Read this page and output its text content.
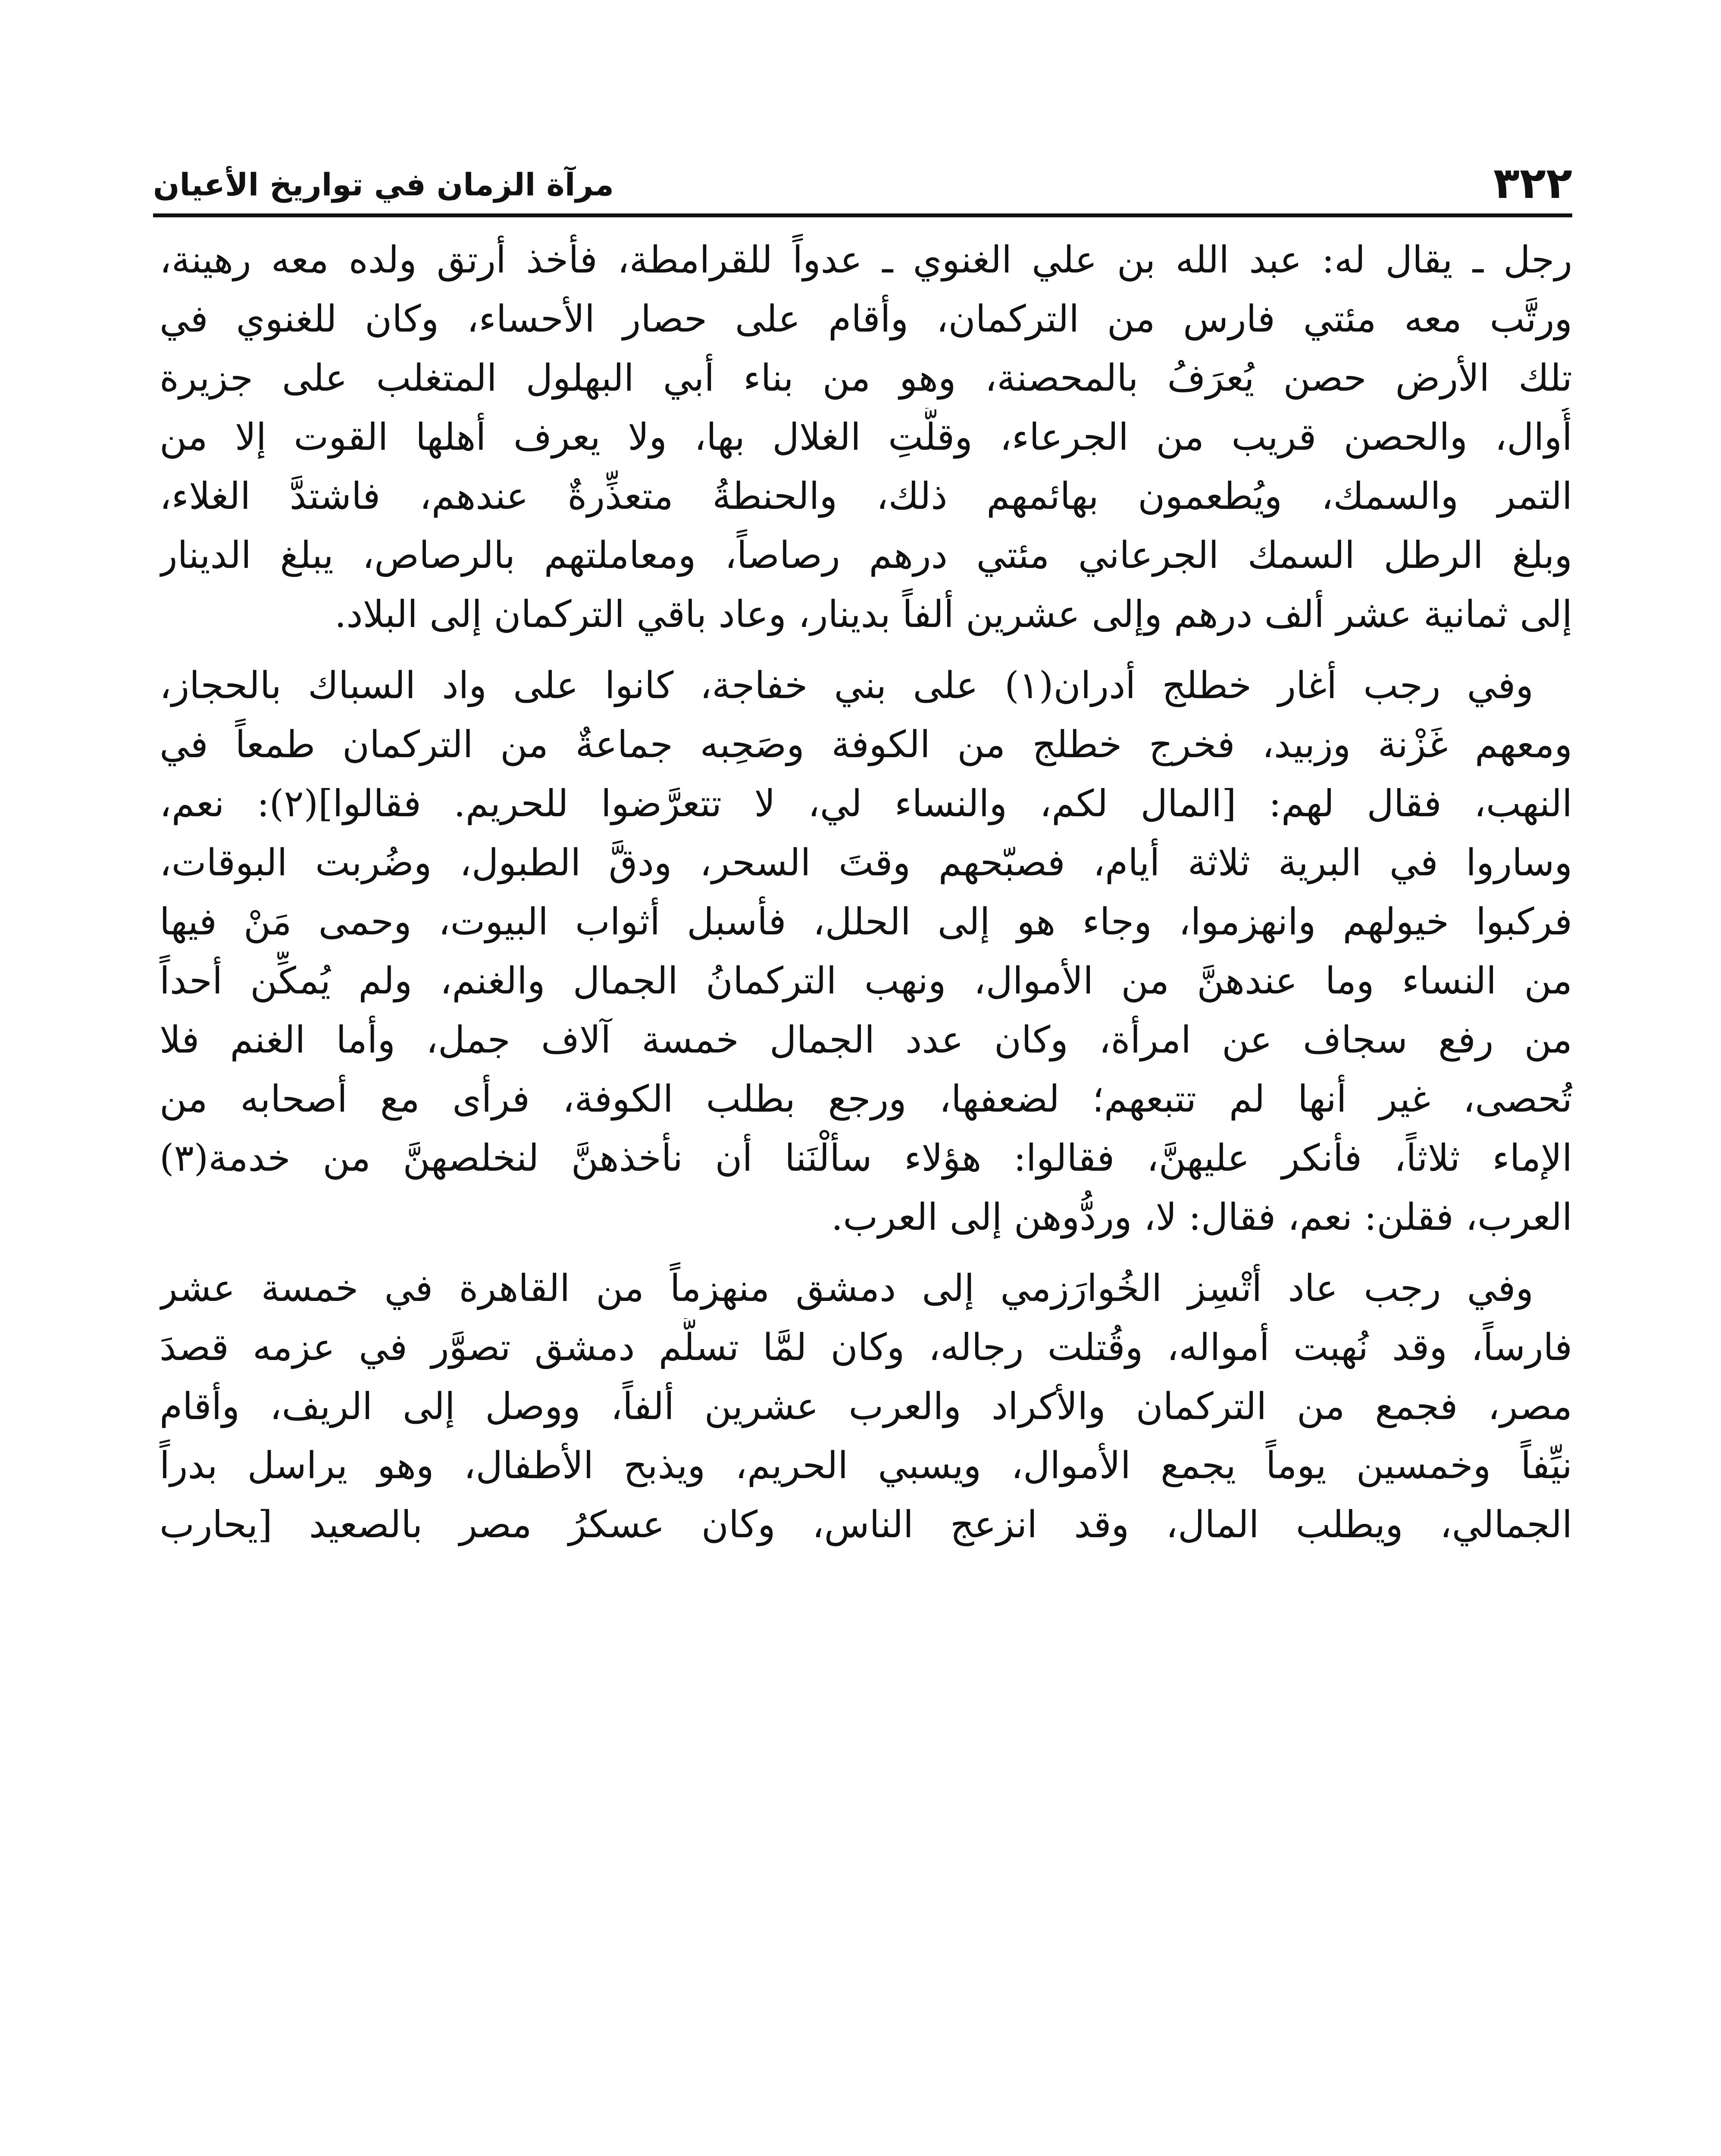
٣٢٢
مرآة الزمان في تواريخ الأعيان

رجل ـ يقال له: عبد الله بن علي الغنوي ـ عدواً للقرامطة، فأخذ أرتق ولده معه رهينة،
ورتَّب معه مئتي فارس من التركمان، وأقام على حصار الأحساء، وكان للغنوي في
تلك الأرض حصن يُعرَفُ بالمحصنة، وهو من بناء أبي البهلول المتغلب على جزيرة
أُوال، والحصن قريب من الجرعاء، وقلَّتِ الغلال بها، ولا يعرف أهلها القوت إلا من
التمر والسمك، ويُطعمون بهائمهم ذلك، والحنطةُ متعذِّرةٌ عندهم، فاشتدَّ الغلاء،
وبلغ الرطل السمك الجرعاني مئتي درهم رصاصاً، ومعاملتهم بالرصاص، يبلغ الدينار
إلى ثمانية عشر ألف درهم وإلى عشرين ألفاً بدينار، وعاد باقي التركمان إلى البلاد.

وفي رجب أغار خطلج أدران(١) على بني خفاجة، كانوا على واد السباك بالحجاز،
ومعهم غَزْنة وزبيد، فخرج خطلج من الكوفة وصَحِبه جماعةٌ من التركمان طمعاً في
النهب، فقال لهم: [المال لكم، والنساء لي، لا تتعرَّضوا للحريم. فقالوا](٢): نعم،
وساروا في البرية ثلاثة أيام، فصبّحهم وقتَ السحر، ودقَّ الطبول، وضُربت البوقات،
فركبوا خيولهم وانهزموا، وجاء هو إلى الحلل، فأسبل أثواب البيوت، وحمى مَنْ فيها
من النساء وما عندهنَّ من الأموال، ونهب التركمانُ الجمال والغنم، ولم يُمكِّن أحداً
من رفع سجاف عن امرأة، وكان عدد الجمال خمسة آلاف جمل، وأما الغنم فلا
تُحصى، غير أنها لم تتبعهم؛ لضعفها، ورجع بطلب الكوفة، فرأى مع أصحابه من
الإماء ثلاثاً، فأنكر عليهنَّ، فقالوا: هؤلاء سألْنَنا أن نأخذهنَّ لنخلصهنَّ من خدمة(٣)
العرب، فقلن: نعم، فقال: لا، وردُّوهن إلى العرب.

وفي رجب عاد أتْسِز الخُوارَزمي إلى دمشق منهزماً من القاهرة في خمسة عشر
فارساً، وقد نُهبت أمواله، وقُتلت رجاله، وكان لمَّا تسلَّم دمشق تصوَّر في عزمه قصدَ
مصر، فجمع من التركمان والأكراد والعرب عشرين ألفاً، ووصل إلى الريف، وأقام
نيِّفاً وخمسين يوماً يجمع الأموال، ويسبي الحريم، ويذبح الأطفال، وهو يراسل بدراً
الجمالي، ويطلب المال، وقد انزعج الناس، وكان عسكرُ مصر بالصعيد [يحارب
